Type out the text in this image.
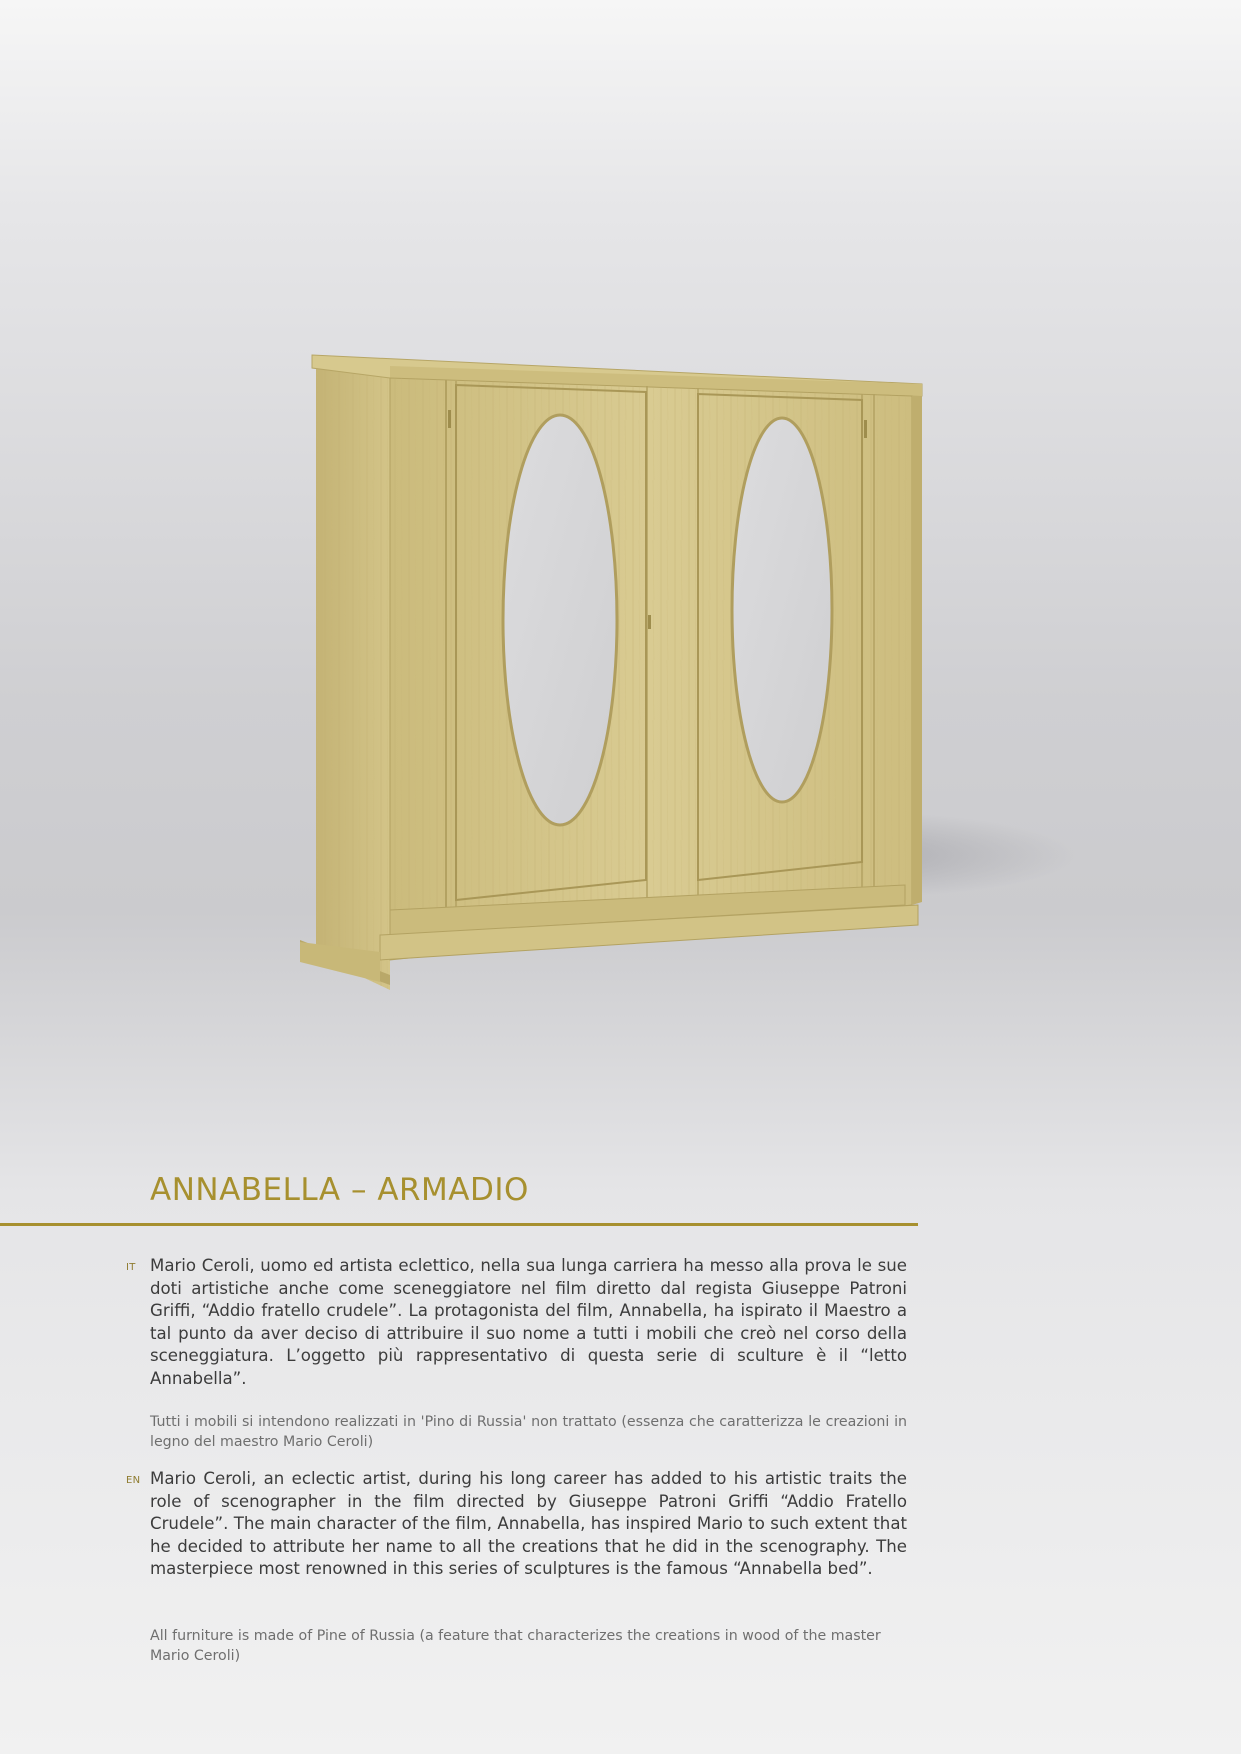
ANNABELLA – ARMADIO
IT Mario Ceroli, uomo ed artista eclettico, nella sua lunga carriera ha messo alla prova le sue doti artistiche anche come sceneggiatore nel film diretto dal regista Giuseppe Patroni Griffi, “Addio fratello crudele”. La protagonista del film, Annabella, ha ispirato il Maestro a tal punto da aver deciso di attribuire il suo nome a tutti i mobili che creò nel corso della sceneggiatura. L’oggetto più rappresentativo di questa serie di sculture è il “letto Annabella”.

Tutti i mobili si intendono realizzati in 'Pino di Russia' non trattato (essenza che caratterizza le creazioni in legno del maestro Mario Ceroli)

EN Mario Ceroli, an eclectic artist, during his long career has added to his artistic traits the role of scenographer in the film directed by Giuseppe Patroni Griffi “Addio Fratello Crudele”. The main character of the film, Annabella, has inspired Mario to such extent that he decided to attribute her name to all the creations that he did in the scenography. The masterpiece most renowned in this series of sculptures is the famous “Annabella bed”.

All furniture is made of Pine of Russia (a feature that characterizes the creations in wood of the master Mario Ceroli)
